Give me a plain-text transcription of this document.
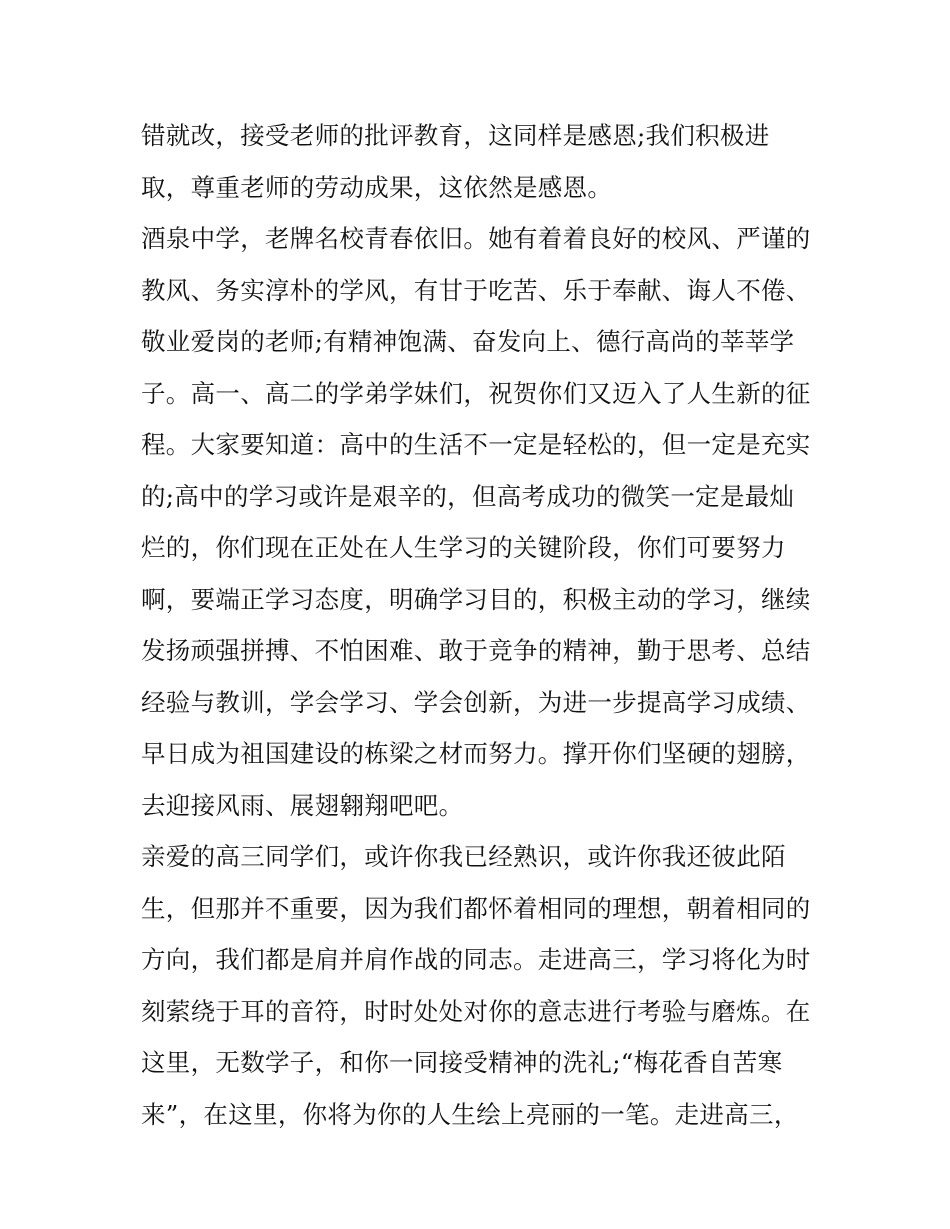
错就改，接受老师的批评教育，这同样是感恩;我们积极进
取，尊重老师的劳动成果，这依然是感恩。
酒泉中学，老牌名校青春依旧。她有着着良好的校风、严谨的
教风、务实淳朴的学风，有甘于吃苦、乐于奉献、诲人不倦、
敬业爱岗的老师;有精神饱满、奋发向上、德行高尚的莘莘学
子。高一、高二的学弟学妹们，祝贺你们又迈入了人生新的征
程。大家要知道：高中的生活不一定是轻松的，但一定是充实
的;高中的学习或许是艰辛的，但高考成功的微笑一定是最灿
烂的，你们现在正处在人生学习的关键阶段，你们可要努力
啊，要端正学习态度，明确学习目的，积极主动的学习，继续
发扬顽强拼搏、不怕困难、敢于竞争的精神，勤于思考、总结
经验与教训，学会学习、学会创新，为进一步提高学习成绩、
早日成为祖国建设的栋梁之材而努力。撑开你们坚硬的翅膀，
去迎接风雨、展翅翱翔吧吧。
亲爱的高三同学们，或许你我已经熟识，或许你我还彼此陌
生，但那并不重要，因为我们都怀着相同的理想，朝着相同的
方向，我们都是肩并肩作战的同志。走进高三，学习将化为时
刻萦绕于耳的音符，时时处处对你的意志进行考验与磨炼。在
这里，无数学子，和你一同接受精神的洗礼;“梅花香自苦寒
来”，在这里，你将为你的人生绘上亮丽的一笔。走进高三，
